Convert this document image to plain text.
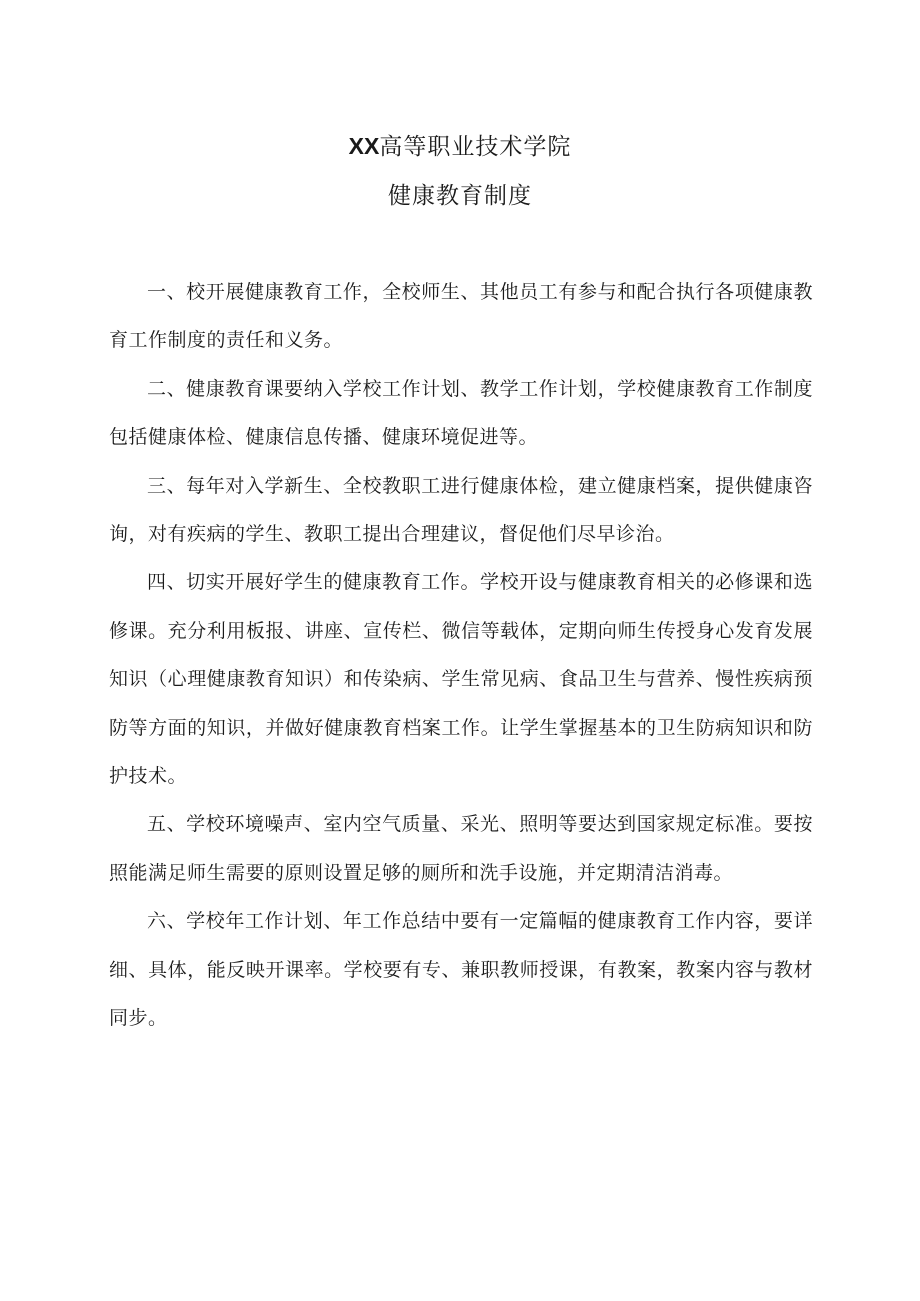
XX高等职业技术学院
健康教育制度

一、校开展健康教育工作，全校师生、其他员工有参与和配合执行各项健康教育工作制度的责任和义务。

二、健康教育课要纳入学校工作计划、教学工作计划，学校健康教育工作制度包括健康体检、健康信息传播、健康环境促进等。

三、每年对入学新生、全校教职工进行健康体检，建立健康档案，提供健康咨询，对有疾病的学生、教职工提出合理建议，督促他们尽早诊治。

四、切实开展好学生的健康教育工作。学校开设与健康教育相关的必修课和选修课。充分利用板报、讲座、宣传栏、微信等载体，定期向师生传授身心发育发展知识（心理健康教育知识）和传染病、学生常见病、食品卫生与营养、慢性疾病预防等方面的知识，并做好健康教育档案工作。让学生掌握基本的卫生防病知识和防护技术。

五、学校环境噪声、室内空气质量、采光、照明等要达到国家规定标准。要按照能满足师生需要的原则设置足够的厕所和洗手设施，并定期清洁消毒。

六、学校年工作计划、年工作总结中要有一定篇幅的健康教育工作内容，要详细、具体，能反映开课率。学校要有专、兼职教师授课，有教案，教案内容与教材同步。
